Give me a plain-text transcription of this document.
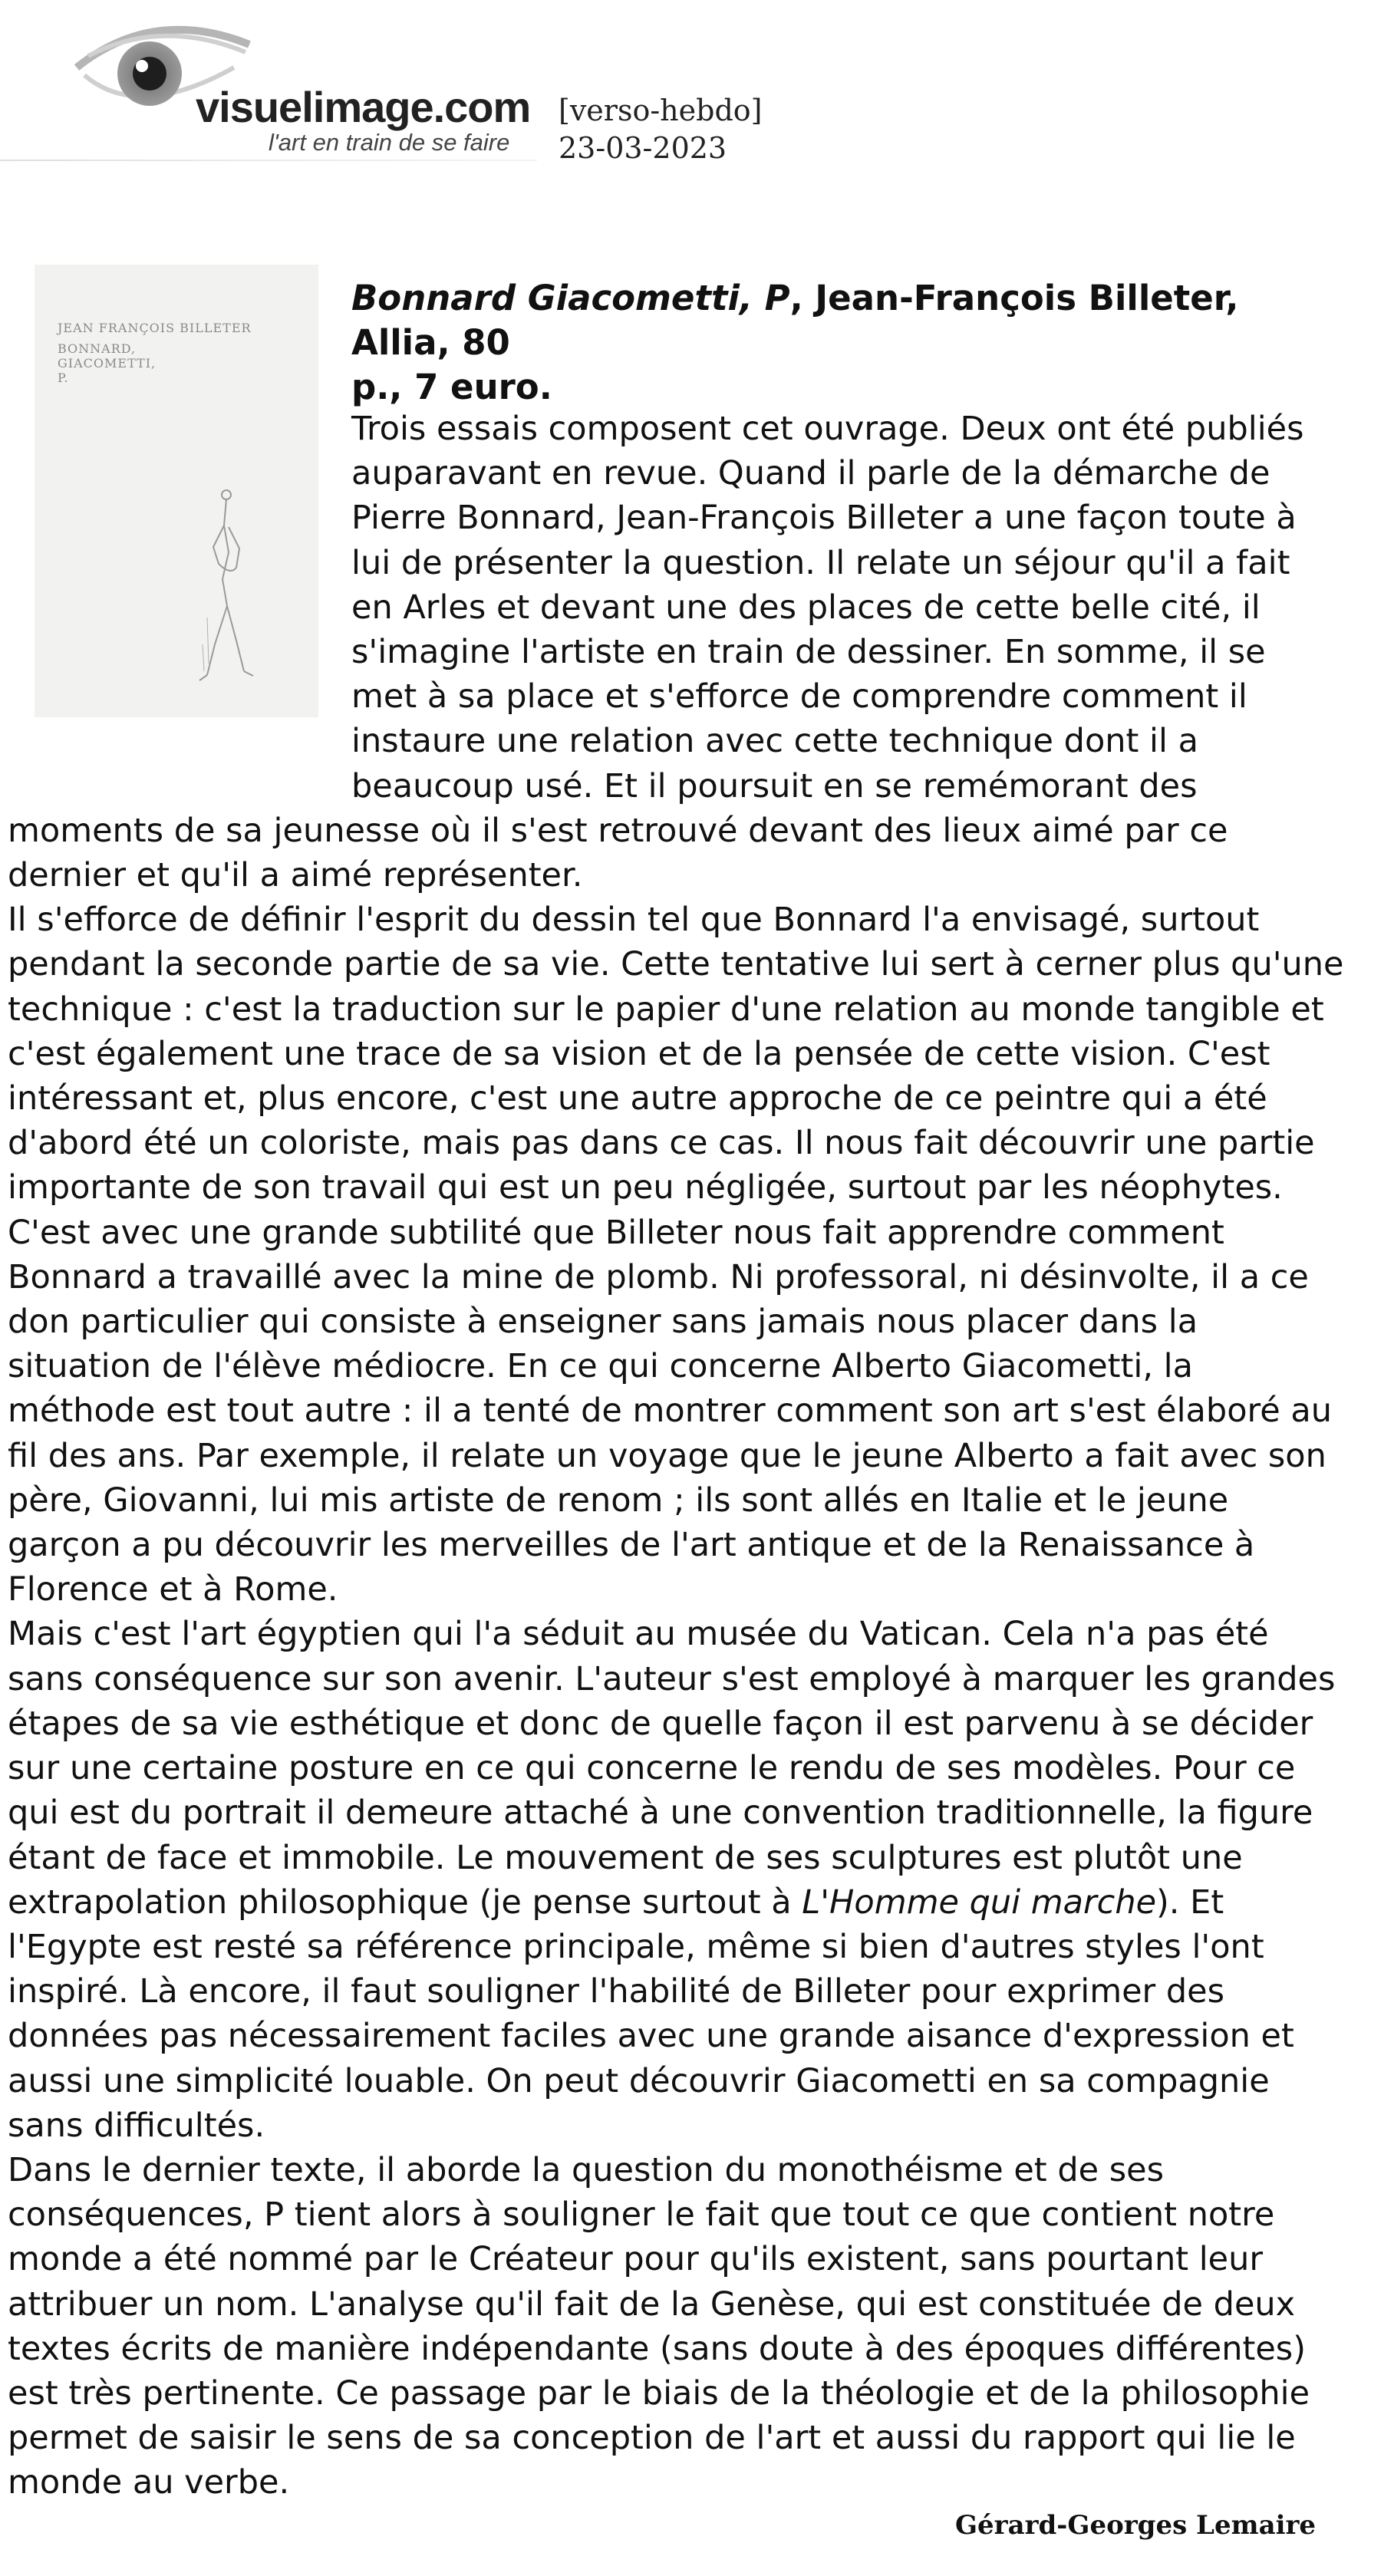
visuelimage.com
l'art en train de se faire
[verso-hebdo]
23-03-2023
JEAN FRANÇOIS BILLETER
BONNARD,
GIACOMETTI,
P.
Bonnard Giacometti, P, Jean-François Billeter, Allia, 80
p., 7 euro.
Trois essais composent cet ouvrage. Deux ont été publiés
auparavant en revue. Quand il parle de la démarche de
Pierre Bonnard, Jean-François Billeter a une façon toute à
lui de présenter la question. Il relate un séjour qu'il a fait
en Arles et devant une des places de cette belle cité, il
s'imagine l'artiste en train de dessiner. En somme, il se
met à sa place et s'efforce de comprendre comment il
instaure une relation avec cette technique dont il a
beaucoup usé. Et il poursuit en se remémorant des
moments de sa jeunesse où il s'est retrouvé devant des lieux aimé par ce
dernier et qu'il a aimé représenter.
Il s'efforce de définir l'esprit du dessin tel que Bonnard l'a envisagé, surtout
pendant la seconde partie de sa vie. Cette tentative lui sert à cerner plus qu'une
technique : c'est la traduction sur le papier d'une relation au monde tangible et
c'est également une trace de sa vision et de la pensée de cette vision. C'est
intéressant et, plus encore, c'est une autre approche de ce peintre qui a été
d'abord été un coloriste, mais pas dans ce cas. Il nous fait découvrir une partie
importante de son travail qui est un peu négligée, surtout par les néophytes.
C'est avec une grande subtilité que Billeter nous fait apprendre comment
Bonnard a travaillé avec la mine de plomb. Ni professoral, ni désinvolte, il a ce
don particulier qui consiste à enseigner sans jamais nous placer dans la
situation de l'élève médiocre. En ce qui concerne Alberto Giacometti, la
méthode est tout autre : il a tenté de montrer comment son art s'est élaboré au
fil des ans. Par exemple, il relate un voyage que le jeune Alberto a fait avec son
père, Giovanni, lui mis artiste de renom ; ils sont allés en Italie et le jeune
garçon a pu découvrir les merveilles de l'art antique et de la Renaissance à
Florence et à Rome.
Mais c'est l'art égyptien qui l'a séduit au musée du Vatican. Cela n'a pas été
sans conséquence sur son avenir. L'auteur s'est employé à marquer les grandes
étapes de sa vie esthétique et donc de quelle façon il est parvenu à se décider
sur une certaine posture en ce qui concerne le rendu de ses modèles. Pour ce
qui est du portrait il demeure attaché à une convention traditionnelle, la figure
étant de face et immobile. Le mouvement de ses sculptures est plutôt une
extrapolation philosophique (je pense surtout à L'Homme qui marche). Et
l'Egypte est resté sa référence principale, même si bien d'autres styles l'ont
inspiré. Là encore, il faut souligner l'habilité de Billeter pour exprimer des
données pas nécessairement faciles avec une grande aisance d'expression et
aussi une simplicité louable. On peut découvrir Giacometti en sa compagnie
sans difficultés.
Dans le dernier texte, il aborde la question du monothéisme et de ses
conséquences, P tient alors à souligner le fait que tout ce que contient notre
monde a été nommé par le Créateur pour qu'ils existent, sans pourtant leur
attribuer un nom. L'analyse qu'il fait de la Genèse, qui est constituée de deux
textes écrits de manière indépendante (sans doute à des époques différentes)
est très pertinente. Ce passage par le biais de la théologie et de la philosophie
permet de saisir le sens de sa conception de l'art et aussi du rapport qui lie le
monde au verbe.
Gérard-Georges Lemaire
